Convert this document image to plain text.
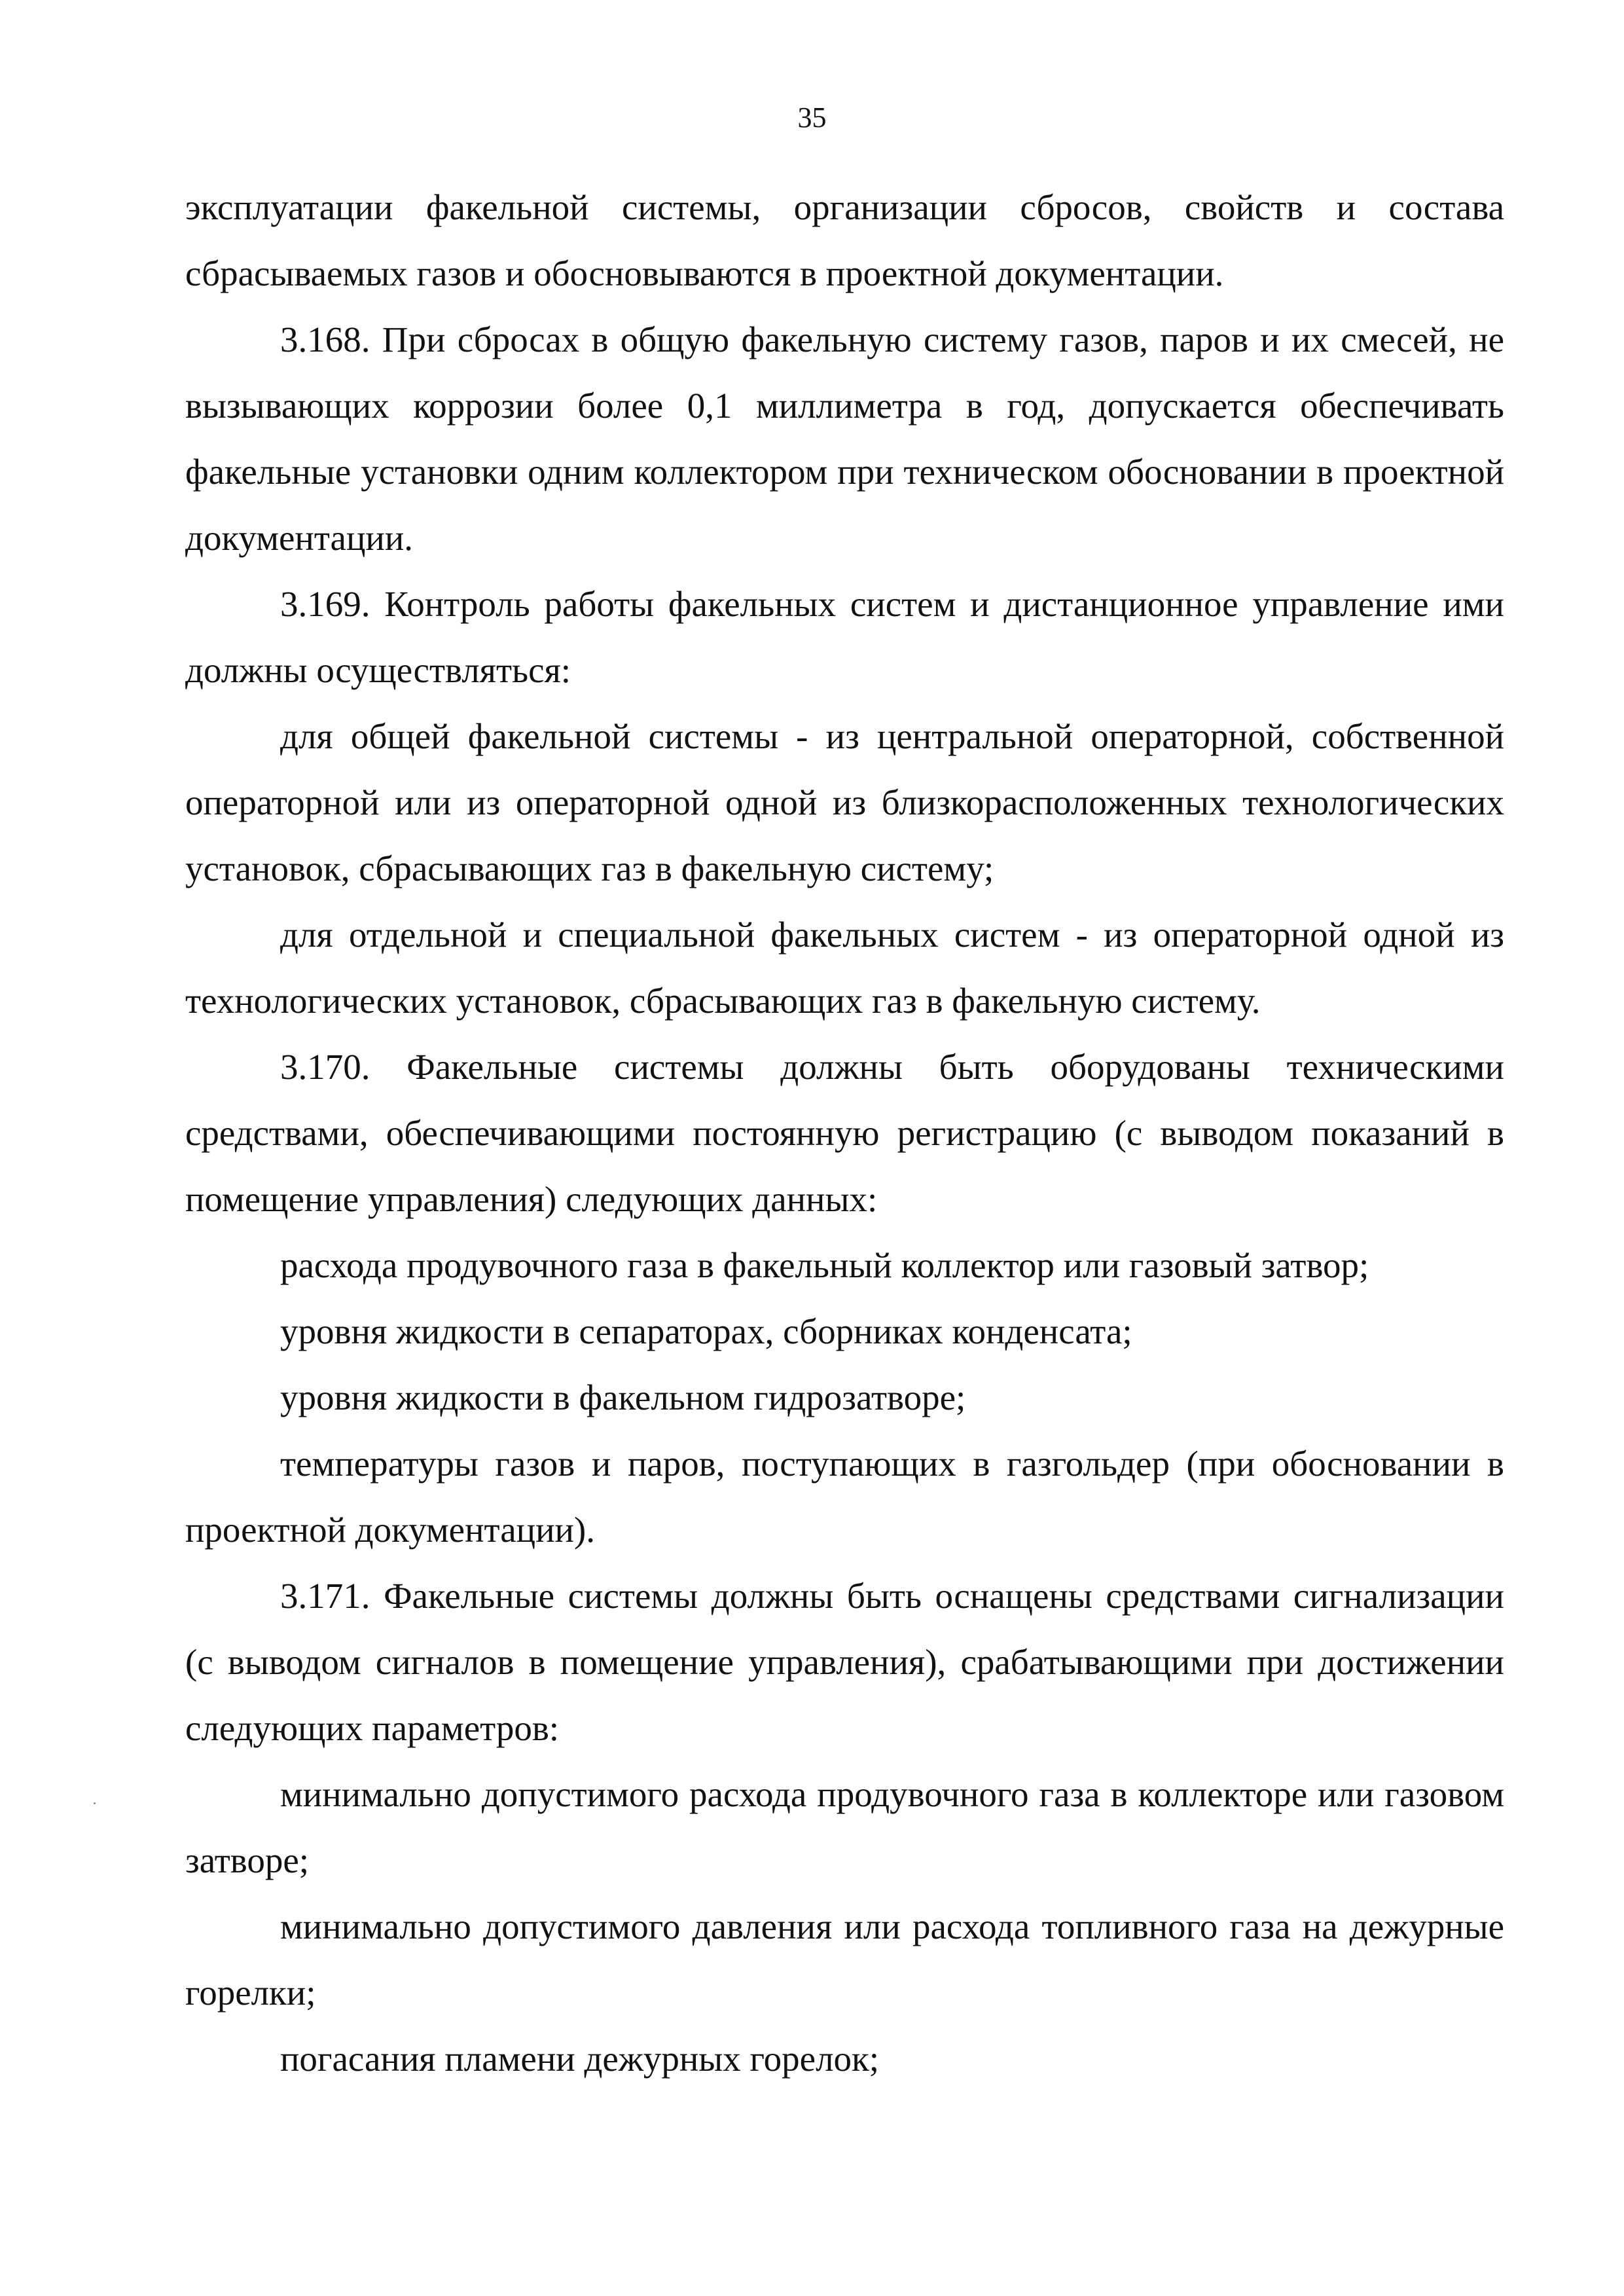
35

эксплуатации факельной системы, организации сбросов, свойств и состава сбрасываемых газов и обосновываются в проектной документации.

3.168. При сбросах в общую факельную систему газов, паров и их смесей, не вызывающих коррозии более 0,1 миллиметра в год, допускается обеспечивать факельные установки одним коллектором при техническом обосновании в проектной документации.

3.169. Контроль работы факельных систем и дистанционное управление ими должны осуществляться:

для общей факельной системы - из центральной операторной, собственной операторной или из операторной одной из близкорасположенных технологических установок, сбрасывающих газ в факельную систему;

для отдельной и специальной факельных систем - из операторной одной из технологических установок, сбрасывающих газ в факельную систему.

3.170. Факельные системы должны быть оборудованы техническими средствами, обеспечивающими постоянную регистрацию (с выводом показаний в помещение управления) следующих данных:

расхода продувочного газа в факельный коллектор или газовый затвор;

уровня жидкости в сепараторах, сборниках конденсата;

уровня жидкости в факельном гидрозатворе;

температуры газов и паров, поступающих в газгольдер (при обосновании в проектной документации).

3.171. Факельные системы должны быть оснащены средствами сигнализации (с выводом сигналов в помещение управления), срабатывающими при достижении следующих параметров:

минимально допустимого расхода продувочного газа в коллекторе или газовом затворе;

минимально допустимого давления или расхода топливного газа на дежурные горелки;

погасания пламени дежурных горелок;
